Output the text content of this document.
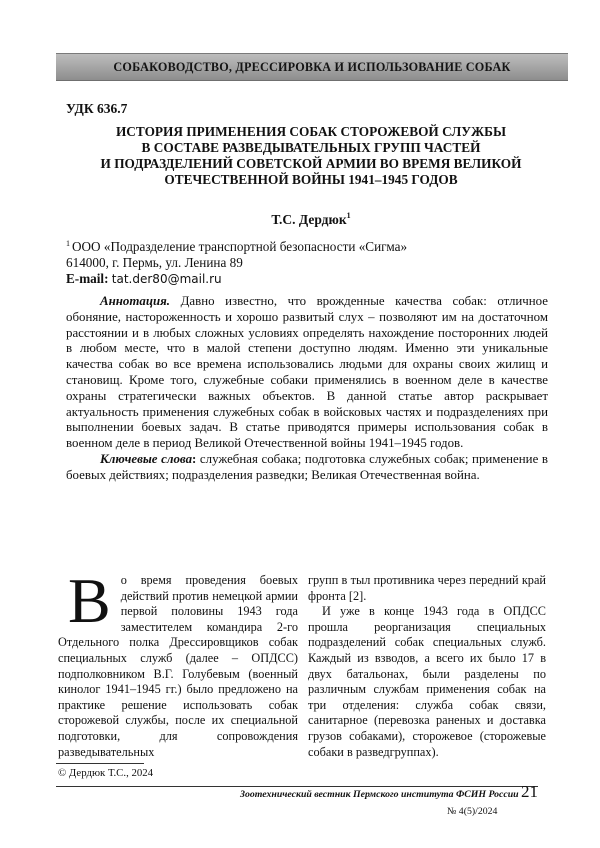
СОБАКОВОДСТВО, ДРЕССИРОВКА И ИСПОЛЬЗОВАНИЕ СОБАК
УДК 636.7
ИСТОРИЯ ПРИМЕНЕНИЯ СОБАК СТОРОЖЕВОЙ СЛУЖБЫ
В СОСТАВЕ РАЗВЕДЫВАТЕЛЬНЫХ ГРУПП ЧАСТЕЙ
И ПОДРАЗДЕЛЕНИЙ СОВЕТСКОЙ АРМИИ ВО ВРЕМЯ ВЕЛИКОЙ
ОТЕЧЕСТВЕННОЙ ВОЙНЫ 1941–1945 ГОДОВ
Т.С. Дердюк$^1$
$^1$ ООО «Подразделение транспортной безопасности «Сигма»
614000, г. Пермь, ул. Ленина 89
E-mail: tat.der80@mail.ru

Аннотация. Давно известно, что врожденные качества собак: отличное обоняние, настороженность и хорошо развитый слух – позволяют им на достаточном расстоянии и в любых сложных условиях определять нахождение посторонних людей в любом месте, что в малой степени доступно людям. Именно эти уникальные качества собак во все времена использовались людьми для охраны своих жилищ и становищ. Кроме того, служебные собаки применялись в военном деле в качестве охраны стратегически важных объектов. В данной статье автор раскрывает актуальность применения служебных собак в войсковых частях и подразделениях при выполнении боевых задач. В статье приводятся примеры использования собак в военном деле в период Великой Отечественной войны 1941–1945 годов.

Ключевые слова: служебная собака; подготовка служебных собак; применение в боевых действиях; подразделения разведки; Великая Отечественная война.

Во время проведения боевых действий против немецкой армии первой половины 1943 года заместителем командира 2-го Отдельного полка Дрессировщиков собак специальных служб (далее – ОПДСС) подполковником В.Г. Голубевым (военный кинолог 1941–1945 гг.) было предложено на практике решение использовать собак сторожевой службы, после их специальной подготовки, для сопровождения разведывательных

групп в тыл противника через передний край фронта [2].

И уже в конце 1943 года в ОПДСС прошла реорганизация специальных подразделений собак специальных служб. Каждый из взводов, а всего их было 17 в двух батальонах, были разделены по различным службам применения собак на три отделения: служба собак связи, санитарное (перевозка раненых и доставка грузов собаками), сторожевое (сторожевые собаки в разведгруппах).

© Дердюк Т.С., 2024
Зоотехнический вестник Пермского института ФСИН России 21
№ 4(5)/2024
